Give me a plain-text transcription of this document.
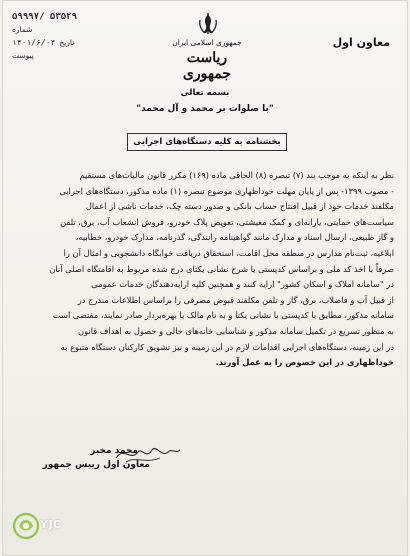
جمهوری اسلامی ایران
ریاست جمهوری
معاون اول
۵۹۹۹۷/ ۵۳۵۲۹
شماره
تاریخ
۱۴۰۱/۶/۰۴
پیوست
بسمه تعالی
"با صلوات بر محمد و آل محمد"
بخشنامه به کلیه دستگاه‌های اجرایی
نظر به اینکه به موجب بند (۷) تبصره (۸) الحاقی ماده (۱۶۹) مکرر قانون مالیات‌های مستقیم
- مصوب ۱۳۹۹- پس از پایان مهلت خوداظهاری موضوع تبصره (۱) ماده مذکور، دستگاه‌های اجرایی
مکلفند خدمات خود از قبیل افتتاح حساب بانکی و صدور دسته چک، خدمات ناشی از اعمال
سیاست‌های حمایتی، یارانه‌ای و کمک معیشتی، تعویض پلاک خودرو، فروش انشعاب آب، برق، تلفن
و گاز طبیعی، ارسال اسناد و مدارک مانند گواهینامه رانندگی، گذرنامه، مدارک خودرو، خطابیه،
ابلاغیه، ثبت‌نام مدارس در منطقه محل اقامت، استحقاق دریافت خوابگاه دانشجویی و امثال آن را
صرفاً با اخذ کد ملی و براساس کدپستی یا شرح نشانی یکتای درج شده مربوط به اقامتگاه اصلی آنان
در "سامانه املاک و اسکان کشور" ارایه کنند و همچنین کلیه ارایه‌دهندگان خدمات عمومی
از قبیل آب و فاضلاب، برق، گاز و تلفن مکلفند قبوض مصرفی را براساس اطلاعات مندرج در
سامانه مذکور، مطابق با کدپستی یا نشانی یکتا و به نام مالک یا بهره‌بردار صادر نمایند، مقتضی است
به منظور تسریع در تکمیل سامانه مذکور و شناسایی خانه‌های خالی و حصول به اهداف قانون
در این زمینه، دستگاه‌های اجرایی اقدامات لازم در این زمینه و نیز تشویق کارکنان دستگاه متبوع به
خوداظهاری در این خصوص را به عمل آورند.
محمد مخبر
معاون اول رییس جمهور
YJC
